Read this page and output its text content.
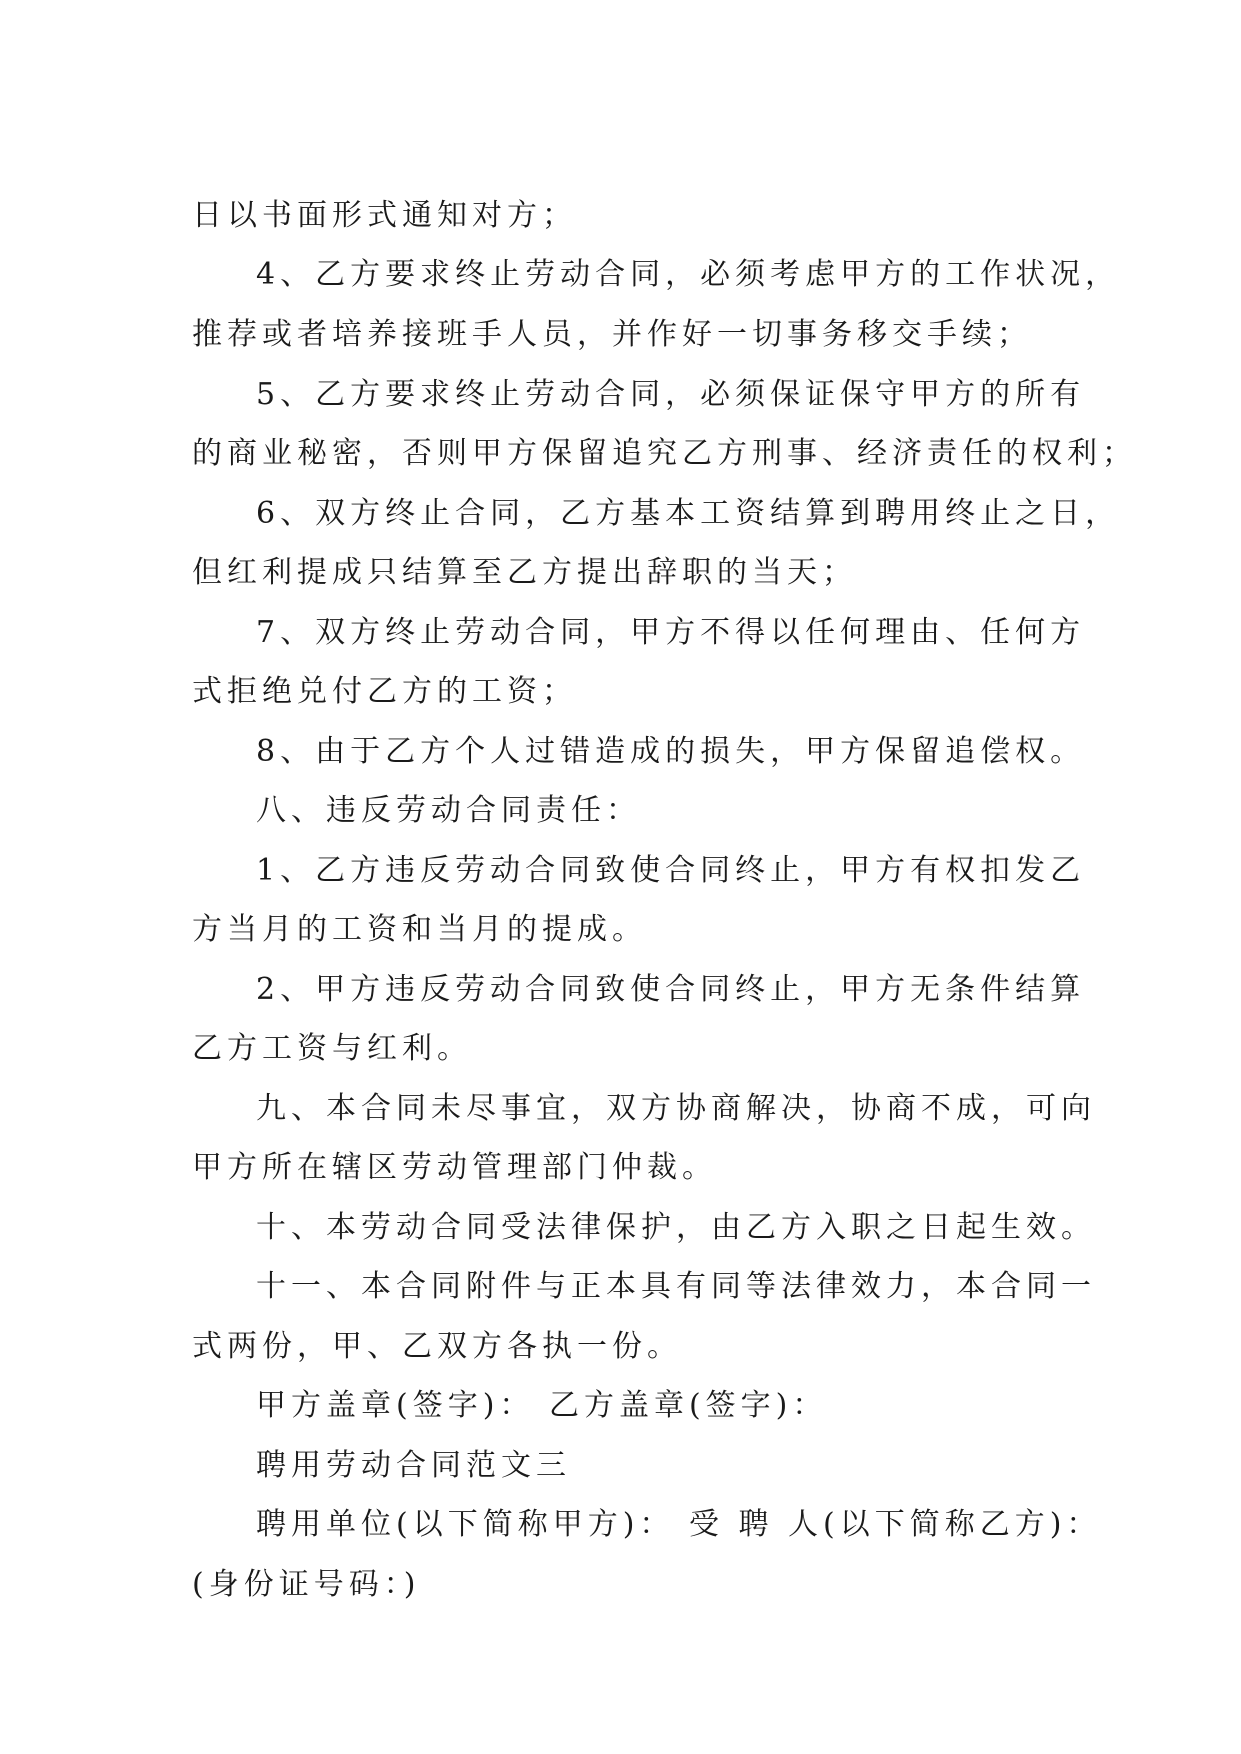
日以书面形式通知对方；

4、乙方要求终止劳动合同，必须考虑甲方的工作状况，

推荐或者培养接班手人员，并作好一切事务移交手续；

5、乙方要求终止劳动合同，必须保证保守甲方的所有

的商业秘密，否则甲方保留追究乙方刑事、经济责任的权利；

6、双方终止合同，乙方基本工资结算到聘用终止之日，

但红利提成只结算至乙方提出辞职的当天；

7、双方终止劳动合同，甲方不得以任何理由、任何方

式拒绝兑付乙方的工资；

8、由于乙方个人过错造成的损失，甲方保留追偿权。

八、违反劳动合同责任：

1、乙方违反劳动合同致使合同终止，甲方有权扣发乙

方当月的工资和当月的提成。

2、甲方违反劳动合同致使合同终止，甲方无条件结算

乙方工资与红利。

九、本合同未尽事宜，双方协商解决，协商不成，可向

甲方所在辖区劳动管理部门仲裁。

十、本劳动合同受法律保护，由乙方入职之日起生效。

十一、本合同附件与正本具有同等法律效力，本合同一

式两份，甲、乙双方各执一份。

甲方盖章(签字)： 乙方盖章(签字)：

聘用劳动合同范文三

聘用单位(以下简称甲方)： 受 聘 人(以下简称乙方)：

(身份证号码：)
